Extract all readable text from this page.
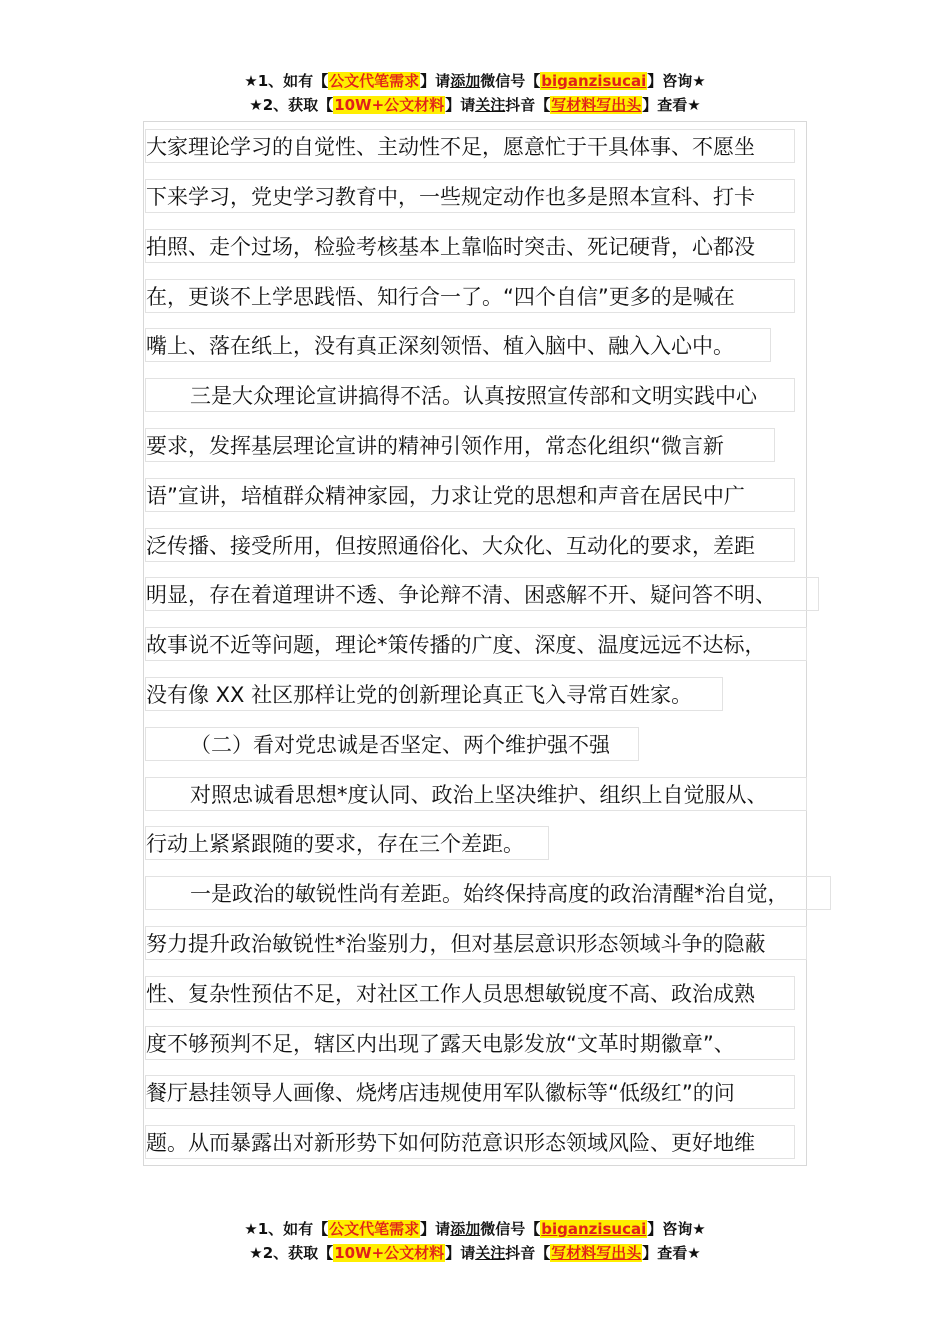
★1、如有【公文代笔需求】请添加微信号【biganzisucai】咨询★
★2、获取【10W+公文材料】请关注抖音【写材料写出头】查看★
大家理论学习的自觉性、主动性不足，愿意忙于干具体事、不愿坐
下来学习，党史学习教育中，一些规定动作也多是照本宣科、打卡
拍照、走个过场，检验考核基本上靠临时突击、死记硬背，心都没
在，更谈不上学思践悟、知行合一了。“四个自信”更多的是喊在
嘴上、落在纸上，没有真正深刻领悟、植入脑中、融入入心中。
三是大众理论宣讲搞得不活。认真按照宣传部和文明实践中心
要求，发挥基层理论宣讲的精神引领作用，常态化组织“微言新
语”宣讲，培植群众精神家园，力求让党的思想和声音在居民中广
泛传播、接受所用，但按照通俗化、大众化、互动化的要求，差距
明显，存在着道理讲不透、争论辩不清、困惑解不开、疑问答不明、
故事说不近等问题，理论*策传播的广度、深度、温度远远不达标，
没有像 XX 社区那样让党的创新理论真正飞入寻常百姓家。
（二）看对党忠诚是否坚定、两个维护强不强
对照忠诚看思想*度认同、政治上坚决维护、组织上自觉服从、
行动上紧紧跟随的要求，存在三个差距。
一是政治的敏锐性尚有差距。始终保持高度的政治清醒*治自觉，
努力提升政治敏锐性*治鉴别力，但对基层意识形态领域斗争的隐蔽
性、复杂性预估不足，对社区工作人员思想敏锐度不高、政治成熟
度不够预判不足，辖区内出现了露天电影发放“文革时期徽章”、
餐厅悬挂领导人画像、烧烤店违规使用军队徽标等“低级红”的问
题。从而暴露出对新形势下如何防范意识形态领域风险、更好地维
★1、如有【公文代笔需求】请添加微信号【biganzisucai】咨询★
★2、获取【10W+公文材料】请关注抖音【写材料写出头】查看★
